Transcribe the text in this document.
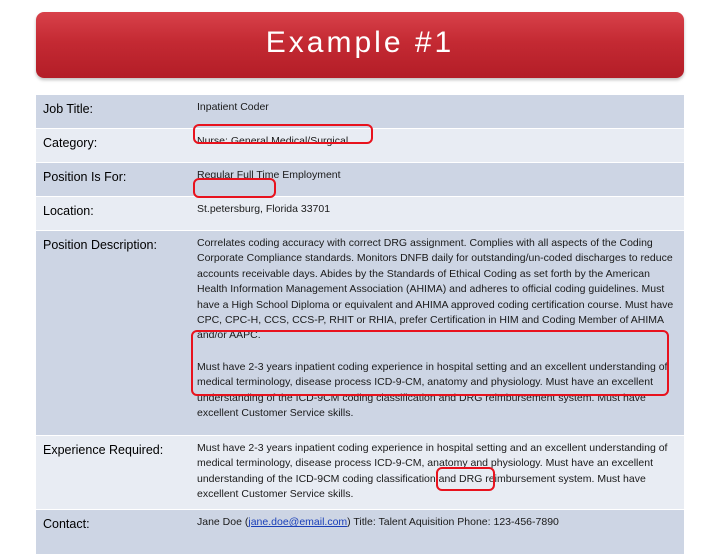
Example #1
Job Title:	Inpatient Coder
Category:	Nurse: General Medical/Surgical
Position Is For:	Regular Full Time Employment
Location:	St.petersburg, Florida 33701
Position Description:	Correlates coding accuracy with correct DRG assignment. Complies with all aspects of the Coding Corporate Compliance standards. Monitors DNFB daily for outstanding/un-coded discharges to reduce accounts receivable days. Abides by the Standards of Ethical Coding as set forth by the American Health Information Management Association (AHIMA) and adheres to official coding guidelines. Must have a High School Diploma or equivalent and AHIMA approved coding certification course. Must have CPC, CPC-H, CCS, CCS-P, RHIT or RHIA, prefer Certification in HIM and Coding Member of AHIMA and/or AAPC.

Must have 2-3 years inpatient coding experience in hospital setting and an excellent understanding of medical terminology, disease process ICD-9-CM, anatomy and physiology. Must have an excellent understanding of the ICD-9CM coding classification and DRG reimbursement system. Must have excellent Customer Service skills.

Experience Required:	Must have 2-3 years inpatient coding experience in hospital setting and an excellent understanding of medical terminology, disease process ICD-9-CM, anatomy and physiology. Must have an excellent understanding of the ICD-9CM coding classification and DRG reimbursement system. Must have excellent Customer Service skills.
Contact:	Jane Doe (jane.doe@email.com) Title: Talent Aquisition Phone: 123-456-7890
